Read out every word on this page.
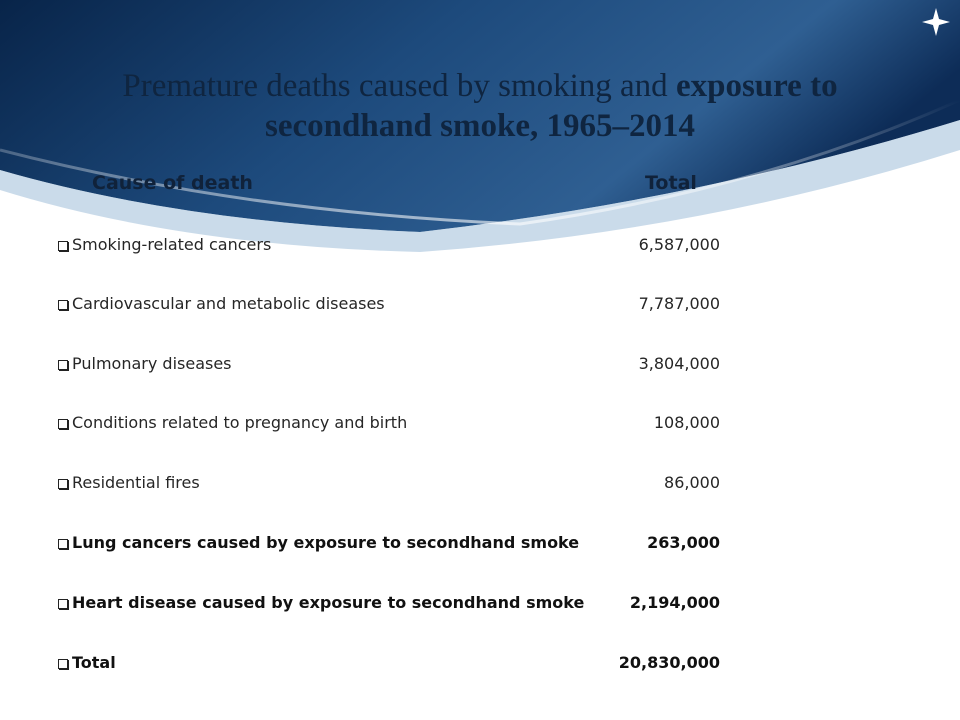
Premature deaths caused by smoking and exposure to secondhand smoke, 1965–2014
Cause of death	Total
Smoking-related cancers	6,587,000
Cardiovascular and metabolic diseases	7,787,000
Pulmonary diseases	3,804,000
Conditions related to pregnancy and birth	108,000
Residential fires	86,000
Lung cancers caused by exposure to secondhand smoke	263,000
Heart disease caused by exposure to secondhand smoke	2,194,000
Total	20,830,000
